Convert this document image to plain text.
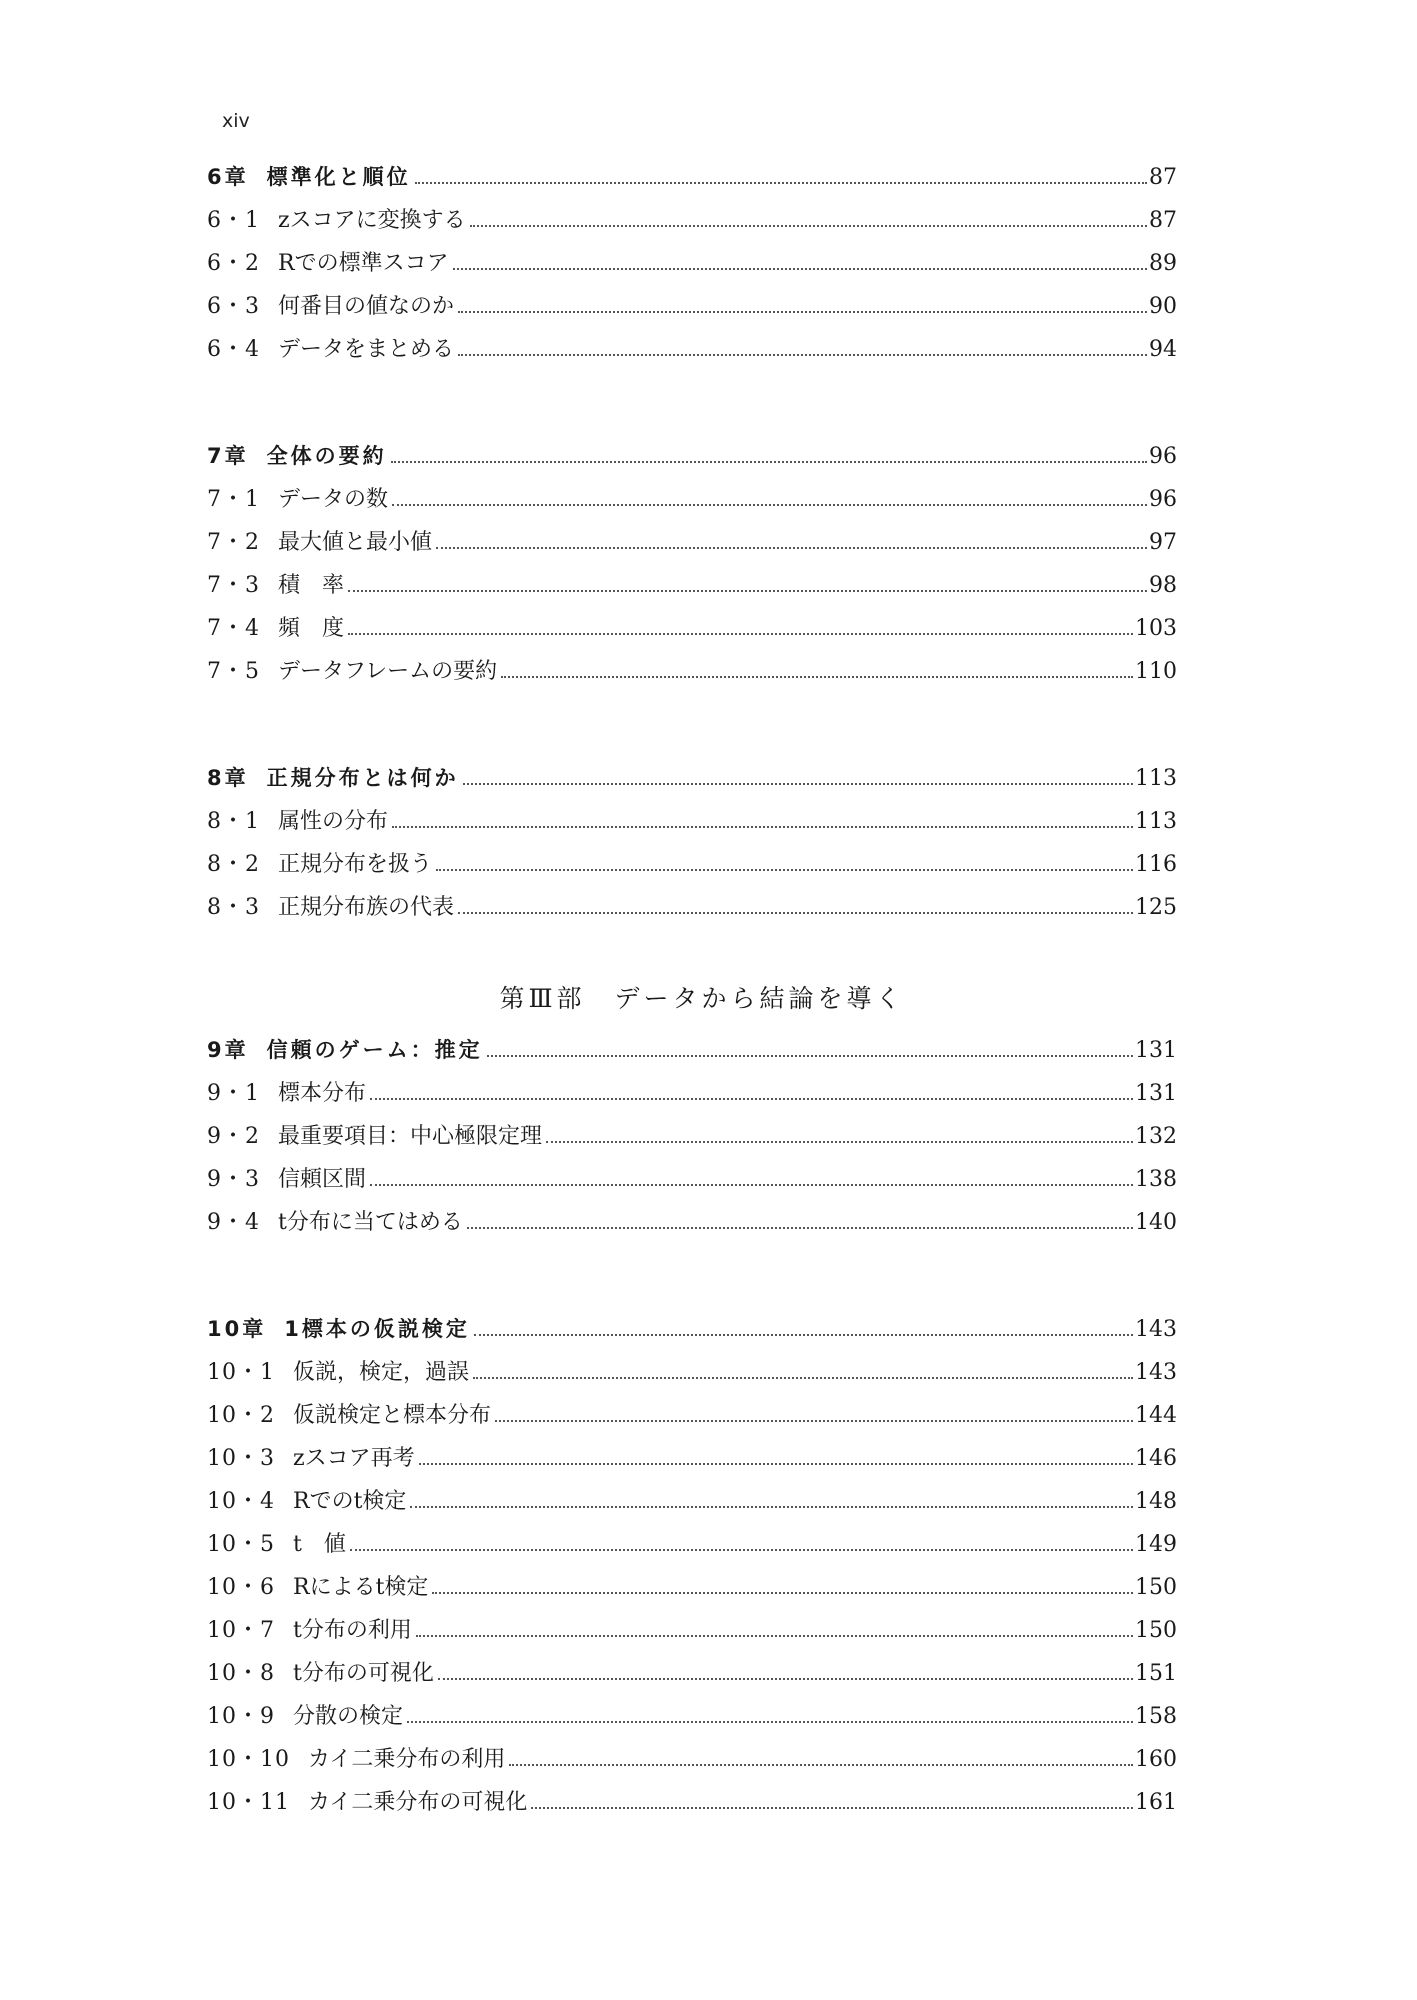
xiv
6章 標準化と順位	87
6・1 zスコアに変換する	87
6・2 Rでの標準スコア	89
6・3 何番目の値なのか	90
6・4 データをまとめる	94
7章 全体の要約	96
7・1 データの数	96
7・2 最大値と最小値	97
7・3 積　率	98
7・4 頻　度	103
7・5 データフレームの要約	110
8章 正規分布とは何か	113
8・1 属性の分布	113
8・2 正規分布を扱う	116
8・3 正規分布族の代表	125
第Ⅲ部　データから結論を導く
9章 信頼のゲーム：推定	131
9・1 標本分布	131
9・2 最重要項目：中心極限定理	132
9・3 信頼区間	138
9・4 t分布に当てはめる	140
10章 1標本の仮説検定	143
10・1 仮説，検定，過誤	143
10・2 仮説検定と標本分布	144
10・3 zスコア再考	146
10・4 Rでのt検定	148
10・5 t　値	149
10・6 Rによるt検定	150
10・7 t分布の利用	150
10・8 t分布の可視化	151
10・9 分散の検定	158
10・10 カイ二乗分布の利用	160
10・11 カイ二乗分布の可視化	161
